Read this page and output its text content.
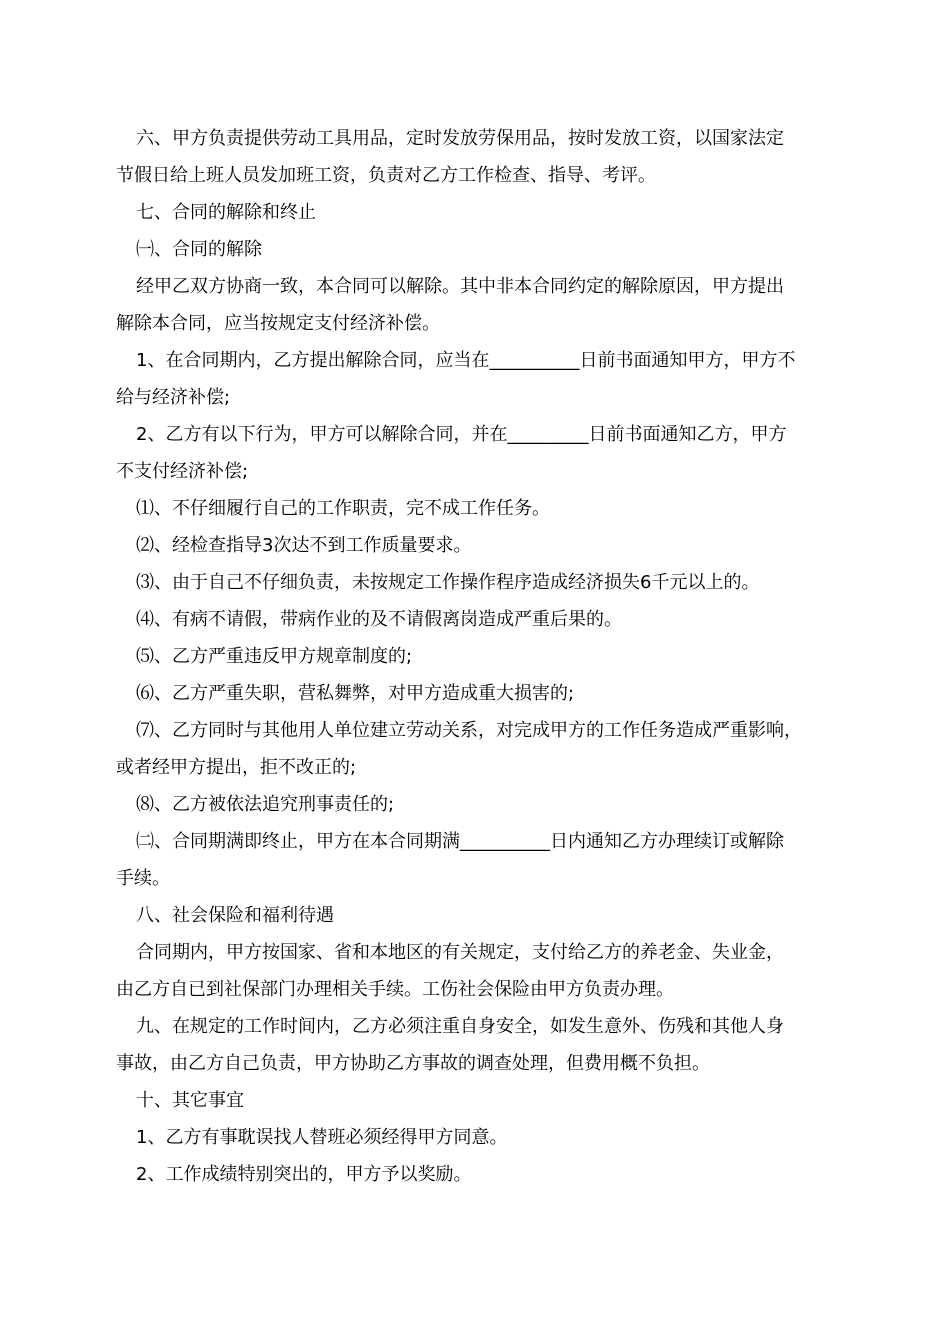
六、甲方负责提供劳动工具用品，定时发放劳保用品，按时发放工资，以国家法定
节假日给上班人员发加班工资，负责对乙方工作检查、指导、考评。
七、合同的解除和终止
㈠、合同的解除
经甲乙双方协商一致，本合同可以解除。其中非本合同约定的解除原因，甲方提出
解除本合同，应当按规定支付经济补偿。
1、在合同期内，乙方提出解除合同，应当在__________日前书面通知甲方，甲方不
给与经济补偿;
2、乙方有以下行为，甲方可以解除合同，并在_________日前书面通知乙方，甲方
不支付经济补偿;
⑴、不仔细履行自己的工作职责，完不成工作任务。
⑵、经检查指导3次达不到工作质量要求。
⑶、由于自己不仔细负责，未按规定工作操作程序造成经济损失6千元以上的。
⑷、有病不请假，带病作业的及不请假离岗造成严重后果的。
⑸、乙方严重违反甲方规章制度的;
⑹、乙方严重失职，营私舞弊，对甲方造成重大损害的;
⑺、乙方同时与其他用人单位建立劳动关系，对完成甲方的工作任务造成严重影响，
或者经甲方提出，拒不改正的;
⑻、乙方被依法追究刑事责任的;
㈡、合同期满即终止，甲方在本合同期满__________日内通知乙方办理续订或解除
手续。
八、社会保险和福利待遇
合同期内，甲方按国家、省和本地区的有关规定，支付给乙方的养老金、失业金，
由乙方自已到社保部门办理相关手续。工伤社会保险由甲方负责办理。
九、在规定的工作时间内，乙方必须注重自身安全，如发生意外、伤残和其他人身
事故，由乙方自己负责，甲方协助乙方事故的调查处理，但费用概不负担。
十、其它事宜
1、乙方有事耽误找人替班必须经得甲方同意。
2、工作成绩特别突出的，甲方予以奖励。
